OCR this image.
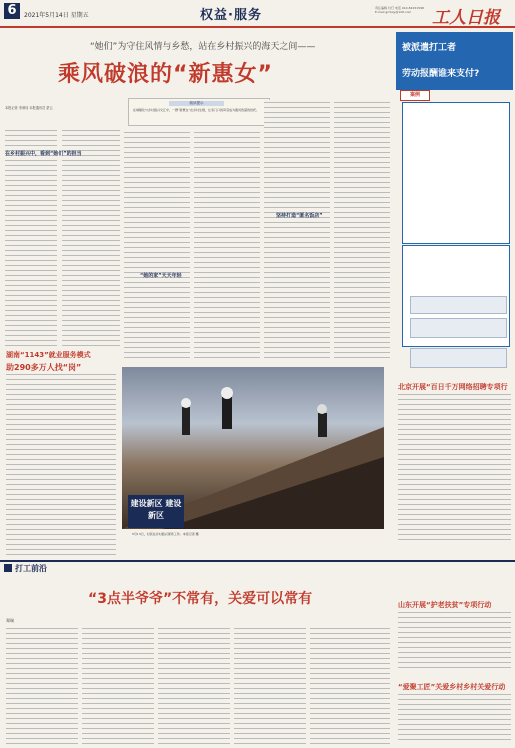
6	2021年5月14日 星期五	权益·服务	责任编辑 付玎 电话 010-84151598 E-mail grrbqy@126.com	工人日报
“她们”为守住风情与乡愁，站在乡村振兴的海天之间——
乘风破浪的“新惠女”
本报记者 李润钊 本报通讯员 蒙云
阅读提示
在城镇化与乡村振兴交汇中，一群“新惠女”在乡村生根，让家门口的风景成为脱贫致富的依托。
在乡村振兴中，看到“她们”的担当
“她的家”天天年轻
坚持打造“匿名饭店”
湖南“1143”就业服务模式
助290多万人找“岗”
建设新区 建设新区
5月13日，村民在乡村振兴现场工作。本报记者 摄
被派遣打工者
劳动报酬谁来支付?
案例
北京开展“百日千万网络招聘专项行
山东开展“护老扶贫”专项行动
“爱聚工匠”关爱乡村乡村关爱行动
打工前沿
“3点半爷爷”不常有，关爱可以常有
郑瑞
